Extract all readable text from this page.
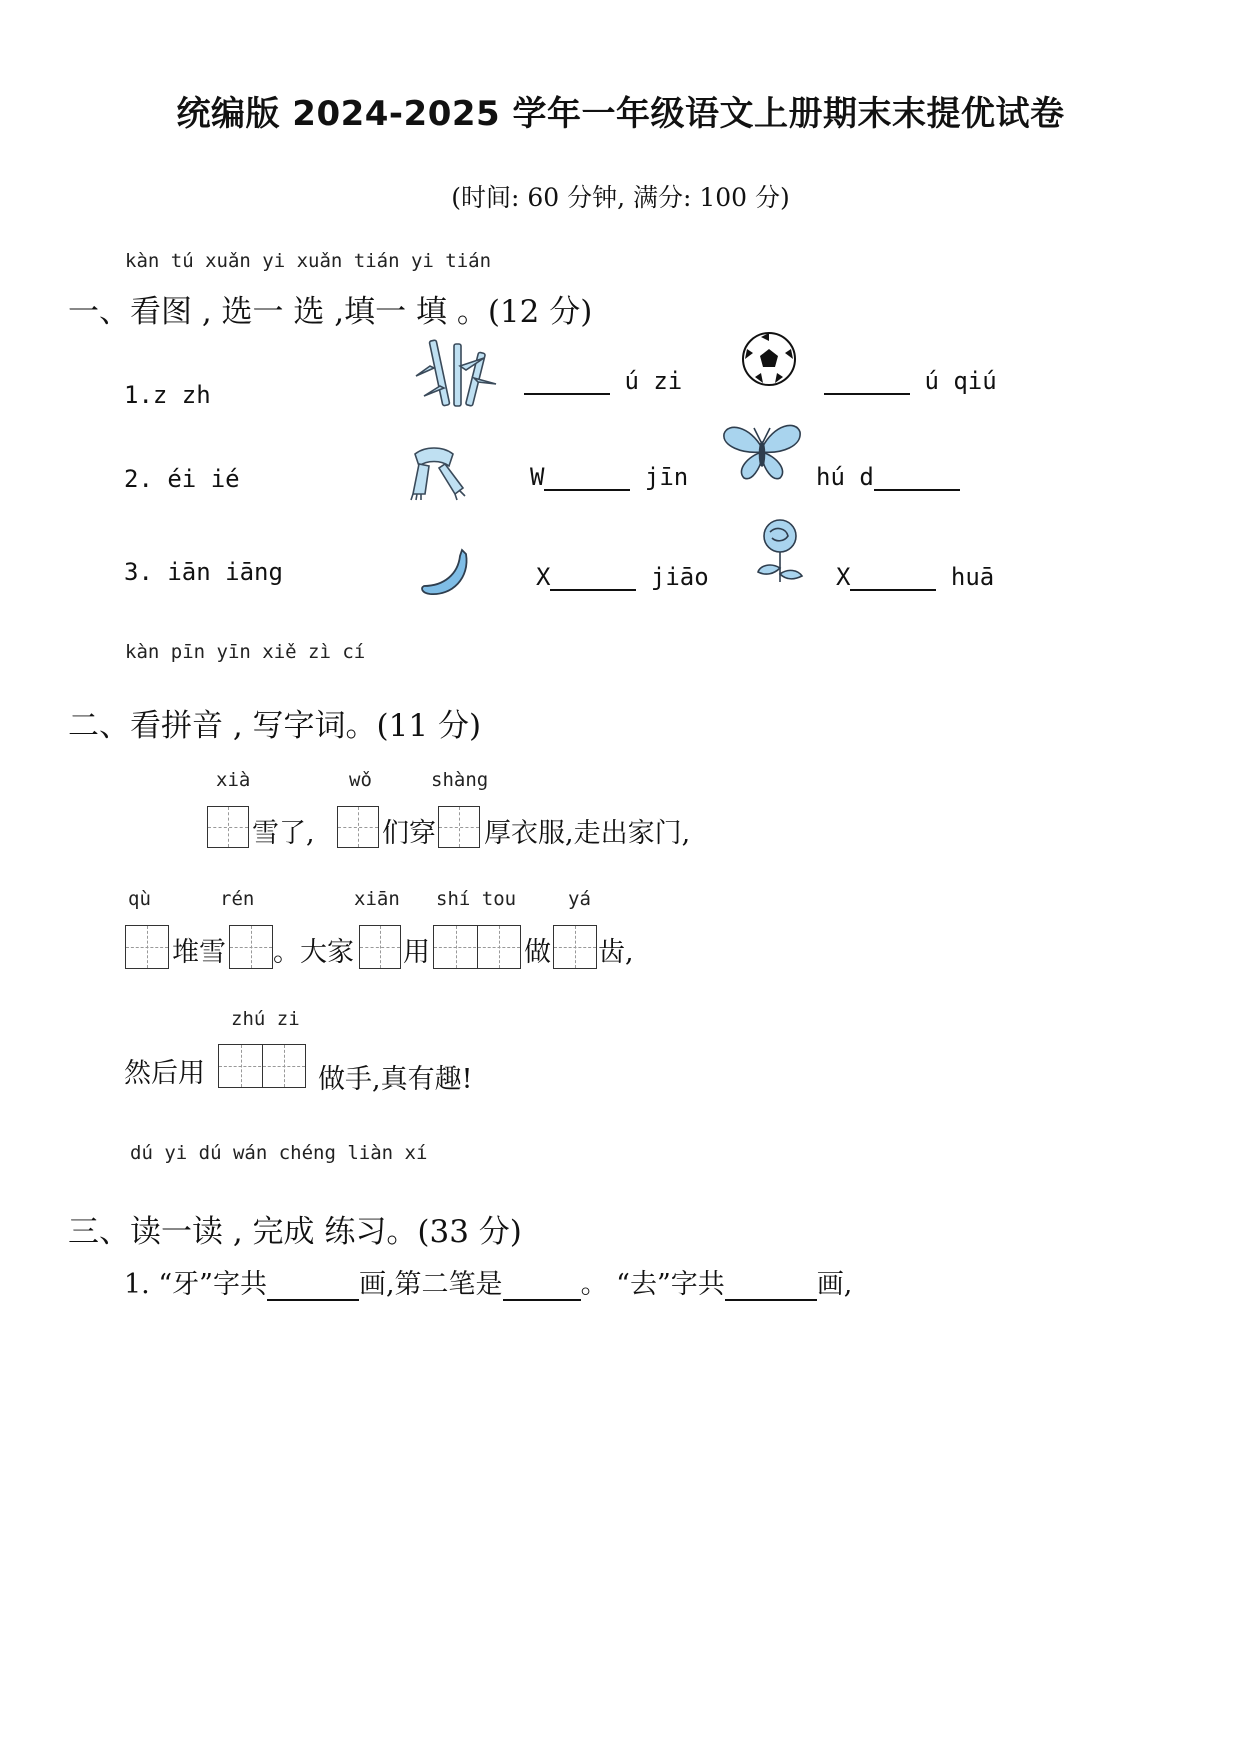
统编版 2024-2025 学年一年级语文上册期末末提优试卷
(时间: 60 分钟, 满分: 100 分)
kàn tú xuǎn yi xuǎn tián yi tián
一、看图 , 选一 选 ,填一 填 。(12 分)
1.z zh	ú zi	ú qiú
2. éi ié	W	jīn	hú d
3. iān iāng	X	jiāo	X	huā
kàn pīn yīn xiě zì cí
二、看拼音 , 写字词。(11 分)
xià	wǒ	shàng
雪了, 们穿 厚衣服,走出家门,
qù	rén	xiān shí tou	yá
堆雪 。大家 用	做 齿,
zhú zi
然后用	做手,真有趣!
dú yi dú wán chéng liàn xí
三、读一读 , 完成 练习。(33 分)
1. “牙”字共	画,第二笔是	。 “去”字共	画,
